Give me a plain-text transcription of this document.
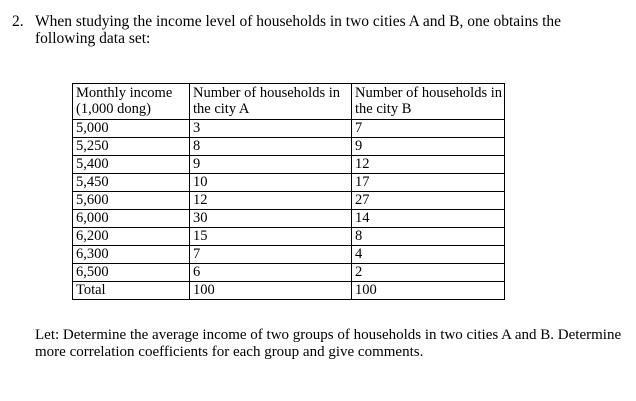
2. When studying the income level of households in two cities A and B, one obtains the following data set:
Monthly income (1,000 dong)	Number of households in the city A	Number of households in the city B
5,000	3	7
5,250	8	9
5,400	9	12
5,450	10	17
5,600	12	27
6,000	30	14
6,200	15	8
6,300	7	4
6,500	6	2
Total	100	100
Let: Determine the average income of two groups of households in two cities A and B. Determine more correlation coefficients for each group and give comments.
